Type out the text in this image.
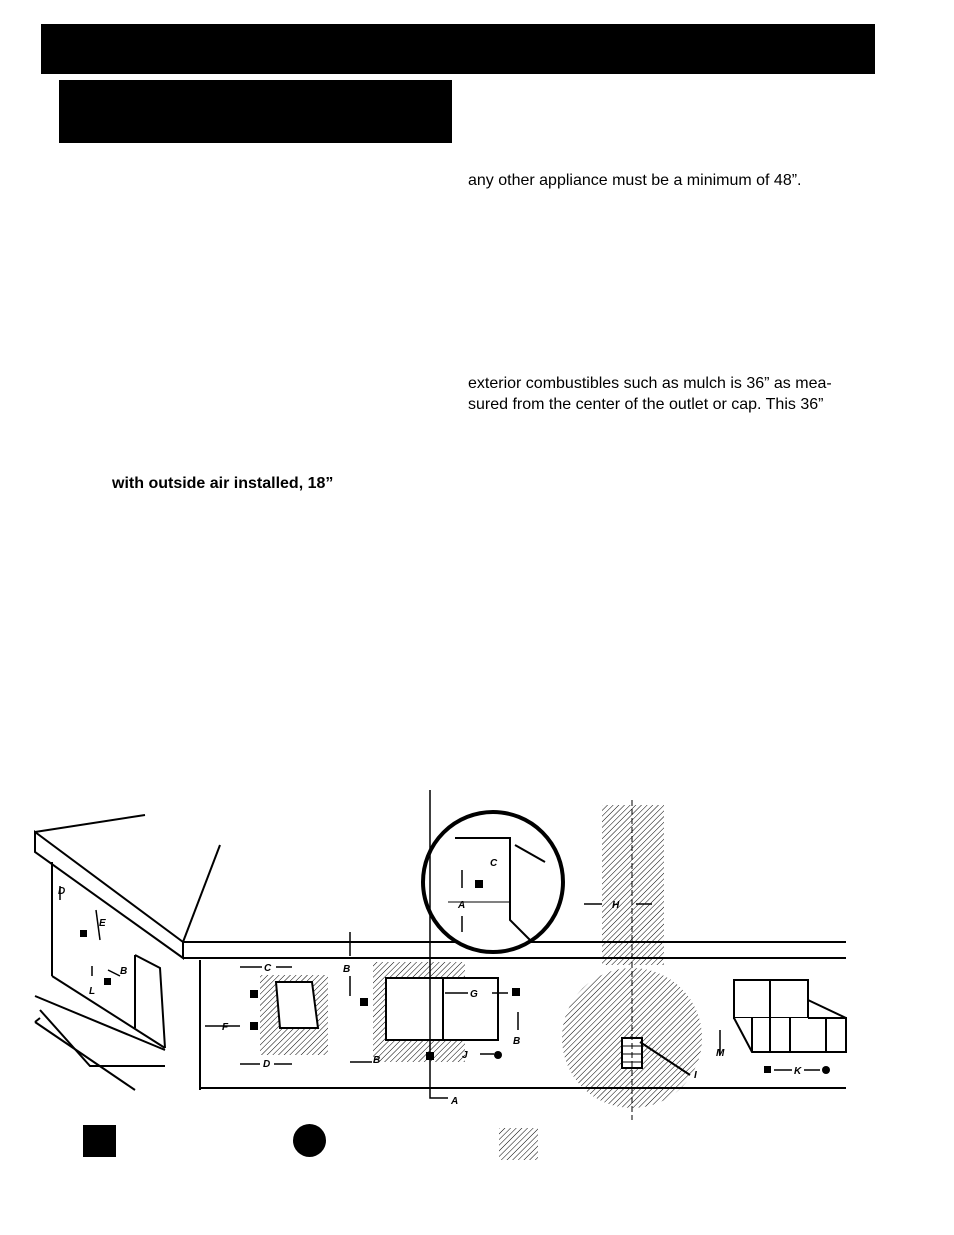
any other appliance must be a minimum of 48”.
exterior combustibles such as mulch is 36” as mea-
sured from the center of the outlet or cap. This 36”
with outside air installed, 18”
D
E
B
L
C
F
D
B
B
G
B
J
A
C
A	H
I
M
K
